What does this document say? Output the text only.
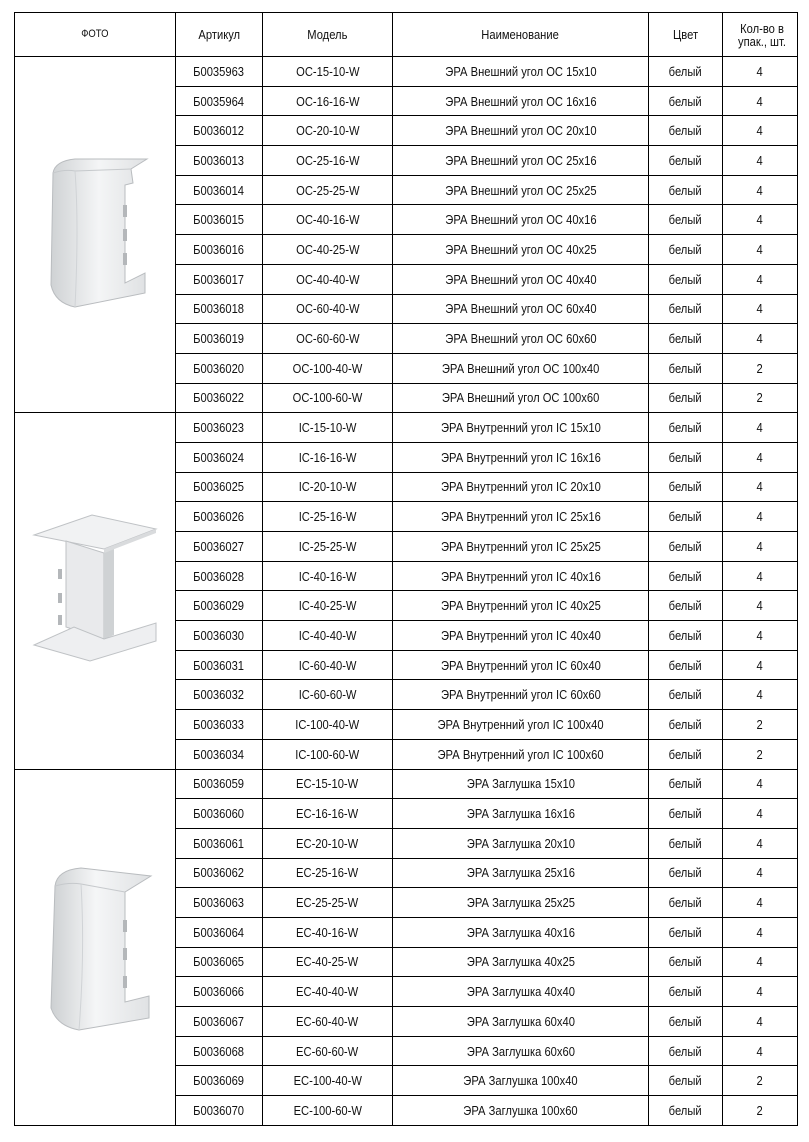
ФОТО	Артикул	Модель	Наименование	Цвет	Кол-во в упак., шт.

	Б0035963	OC-15-10-W	ЭРА Внешний угол OC 15x10	белый	4
	Б0035964	OC-16-16-W	ЭРА Внешний угол OC 16x16	белый	4
	Б0036012	OC-20-10-W	ЭРА Внешний угол OC 20x10	белый	4
	Б0036013	OC-25-16-W	ЭРА Внешний угол OC 25x16	белый	4
	Б0036014	OC-25-25-W	ЭРА Внешний угол OC 25x25	белый	4
	Б0036015	OC-40-16-W	ЭРА Внешний угол OC 40x16	белый	4
	Б0036016	OC-40-25-W	ЭРА Внешний угол OC 40x25	белый	4
	Б0036017	OC-40-40-W	ЭРА Внешний угол OC 40x40	белый	4
	Б0036018	OC-60-40-W	ЭРА Внешний угол OC 60x40	белый	4
	Б0036019	OC-60-60-W	ЭРА Внешний угол OC 60x60	белый	4
	Б0036020	OC-100-40-W	ЭРА Внешний угол OC 100x40	белый	2
	Б0036022	OC-100-60-W	ЭРА Внешний угол OC 100x60	белый	2

	Б0036023	IC-15-10-W	ЭРА Внутренний угол IC 15x10	белый	4
	Б0036024	IC-16-16-W	ЭРА Внутренний угол IC 16x16	белый	4
	Б0036025	IC-20-10-W	ЭРА Внутренний угол IC 20x10	белый	4
	Б0036026	IC-25-16-W	ЭРА Внутренний угол IC 25x16	белый	4
	Б0036027	IC-25-25-W	ЭРА Внутренний угол IC 25x25	белый	4
	Б0036028	IC-40-16-W	ЭРА Внутренний угол IC 40x16	белый	4
	Б0036029	IC-40-25-W	ЭРА Внутренний угол IC 40x25	белый	4
	Б0036030	IC-40-40-W	ЭРА Внутренний угол IC 40x40	белый	4
	Б0036031	IC-60-40-W	ЭРА Внутренний угол IC 60x40	белый	4
	Б0036032	IC-60-60-W	ЭРА Внутренний угол IC 60x60	белый	4
	Б0036033	IC-100-40-W	ЭРА Внутренний угол IC 100x40	белый	2
	Б0036034	IC-100-60-W	ЭРА Внутренний угол IC 100x60	белый	2

	Б0036059	EC-15-10-W	ЭРА Заглушка 15x10	белый	4
	Б0036060	EC-16-16-W	ЭРА Заглушка 16x16	белый	4
	Б0036061	EC-20-10-W	ЭРА Заглушка 20x10	белый	4
	Б0036062	EC-25-16-W	ЭРА Заглушка 25x16	белый	4
	Б0036063	EC-25-25-W	ЭРА Заглушка 25x25	белый	4
	Б0036064	EC-40-16-W	ЭРА Заглушка 40x16	белый	4
	Б0036065	EC-40-25-W	ЭРА Заглушка 40x25	белый	4
	Б0036066	EC-40-40-W	ЭРА Заглушка 40x40	белый	4
	Б0036067	EC-60-40-W	ЭРА Заглушка 60x40	белый	4
	Б0036068	EC-60-60-W	ЭРА Заглушка 60x60	белый	4
	Б0036069	EC-100-40-W	ЭРА Заглушка 100x40	белый	2
	Б0036070	EC-100-60-W	ЭРА Заглушка 100x60	белый	2
